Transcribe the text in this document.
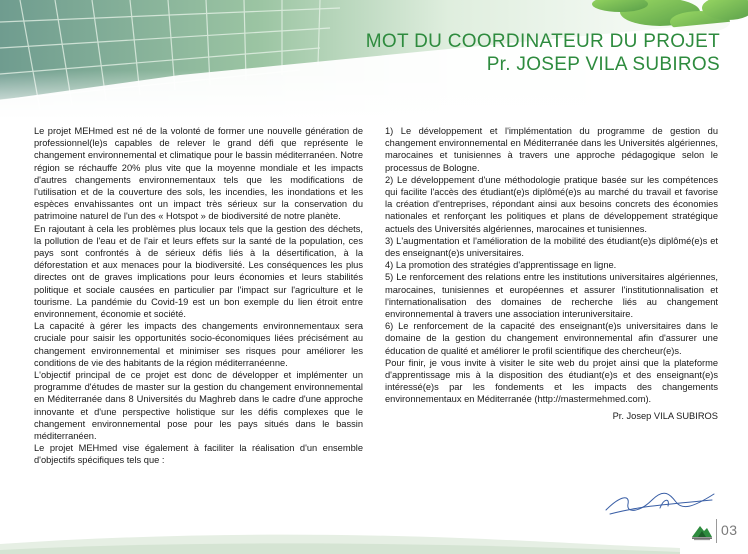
MOT DU COORDINATEUR DU PROJET
Pr. JOSEP VILA SUBIROS

Le projet MEHmed est né de la volonté de former une nouvelle génération de professionnel(le)s capables de relever le grand défi que représente le changement environnemental et climatique pour le bassin méditerranéen. Notre région se réchauffe 20% plus vite que la moyenne mondiale et les impacts d'autres changements environnementaux tels que les modifications de l'utilisation et de la couverture des sols, les incendies, les inondations et les espèces envahissantes ont un impact très sérieux sur la conservation du patrimoine naturel de l'un des « Hotspot » de biodiversité de notre planète.

En rajoutant à cela les problèmes plus locaux tels que la gestion des déchets, la pollution de l'eau et de l'air et leurs effets sur la santé de la population, ces pays sont confrontés à de sérieux défis liés à la désertification, à la déforestation et aux menaces pour la biodiversité. Les conséquences les plus directes ont de graves implications pour leurs économies et leurs stabilités politique et sociale causées en particulier par l'impact sur l'agriculture et le tourisme. La pandémie du Covid-19 est un bon exemple du lien étroit entre environnement, économie et société.

La capacité à gérer les impacts des changements environnementaux sera cruciale pour saisir les opportunités socio-économiques liées précisément au changement environnemental et minimiser ses risques pour améliorer les conditions de vie des habitants de la région méditerranéenne.

L'objectif principal de ce projet est donc de développer et implémenter un programme d'études de master sur la gestion du changement environnemental en Méditerranée dans 8 Universités du Maghreb dans le cadre d'une approche innovante et d'une perspective holistique sur les défis complexes que le changement environnemental pose pour les pays situés dans le bassin méditerranéen.

Le projet MEHmed vise également à faciliter la réalisation d'un ensemble d'objectifs spécifiques tels que :

1) Le développement et l'implémentation du programme de gestion du changement environnemental en Méditerranée dans les Universités algériennes, marocaines et tunisiennes à travers une approche pédagogique selon le processus de Bologne.

2) Le développement d'une méthodologie pratique basée sur les compétences qui facilite l'accès des étudiant(e)s diplômé(e)s au marché du travail et favorise la création d'entreprises, répondant ainsi aux besoins concrets des économies nationales et renforçant les politiques et plans de développement stratégique actuels des Universités algériennes, marocaines et tunisiennes.

3) L'augmentation et l'amélioration de la mobilité des étudiant(e)s diplômé(e)s et des enseignant(e)s universitaires.

4) La promotion des stratégies d'apprentissage en ligne.

5) Le renforcement des relations entre les institutions universitaires algériennes, marocaines, tunisiennes et européennes et assurer l'institutionnalisation et l'internationalisation des domaines de recherche liés au changement environnemental à travers une association interuniversitaire.

6) Le renforcement de la capacité des enseignant(e)s universitaires dans le domaine de la gestion du changement environnemental afin d'assurer une éducation de qualité et améliorer le profil scientifique des chercheur(e)s.

Pour finir, je vous invite à visiter le site web du projet ainsi que la plateforme d'apprentissage mis à la disposition des étudiant(e)s et des enseignant(e)s intéressé(e)s par les fondements et les impacts des changements environnementaux en Méditerranée (http://mastermehmed.com).

Pr. Josep VILA SUBIROS

03
